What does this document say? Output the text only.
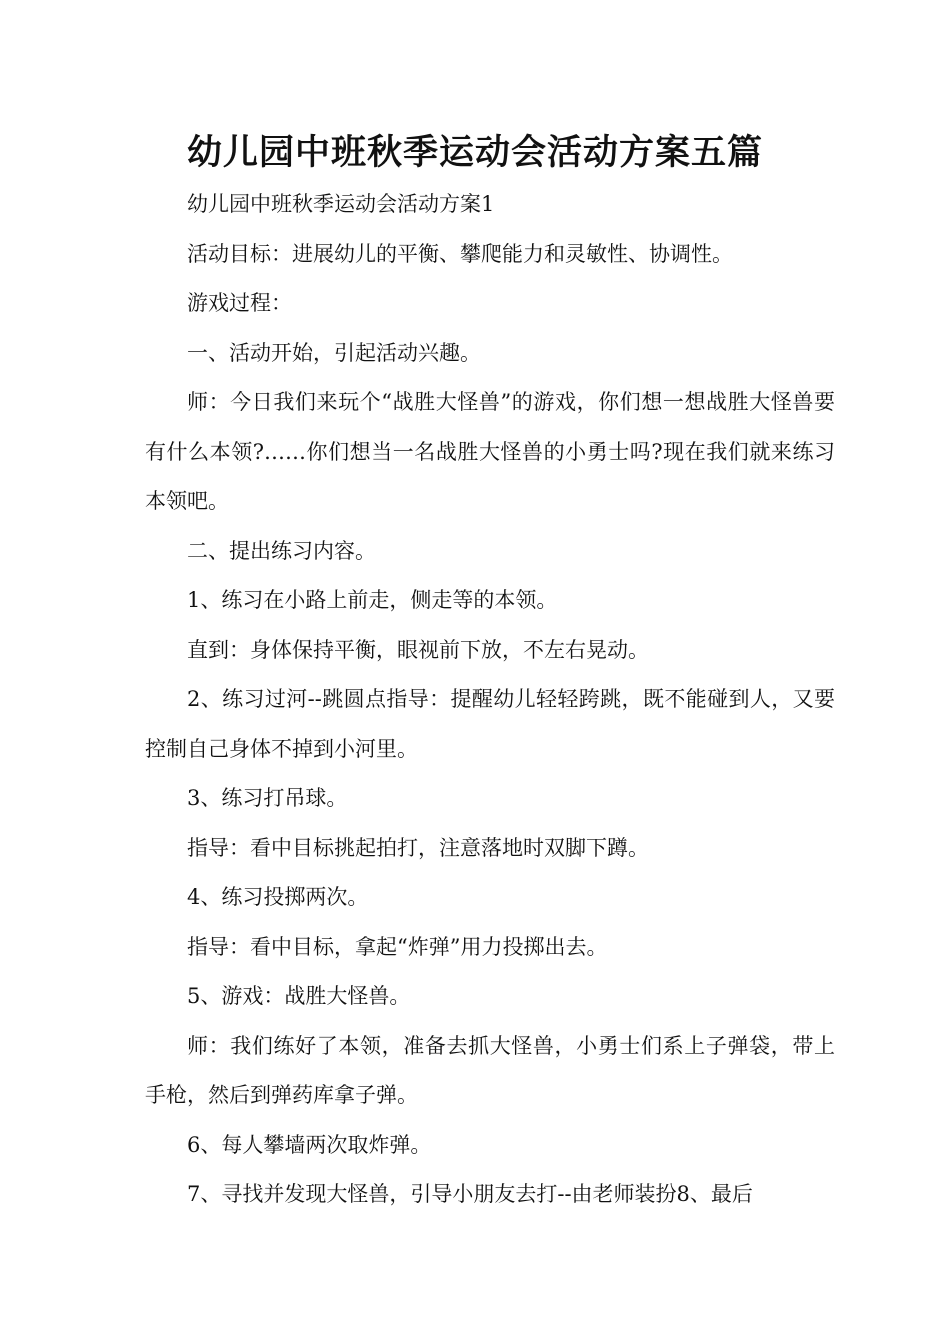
幼儿园中班秋季运动会活动方案五篇

幼儿园中班秋季运动会活动方案1

活动目标：进展幼儿的平衡、攀爬能力和灵敏性、协调性。

游戏过程：

一、活动开始，引起活动兴趣。

师：今日我们来玩个“战胜大怪兽”的游戏，你们想一想战胜大怪兽要有什么本领?……你们想当一名战胜大怪兽的小勇士吗?现在我们就来练习本领吧。

二、提出练习内容。

1、练习在小路上前走，侧走等的本领。

直到：身体保持平衡，眼视前下放，不左右晃动。

2、练习过河--跳圆点指导：提醒幼儿轻轻跨跳，既不能碰到人，又要控制自己身体不掉到小河里。

3、练习打吊球。

指导：看中目标挑起拍打，注意落地时双脚下蹲。

4、练习投掷两次。

指导：看中目标，拿起“炸弹”用力投掷出去。

5、游戏：战胜大怪兽。

师：我们练好了本领，准备去抓大怪兽，小勇士们系上子弹袋，带上手枪，然后到弹药库拿子弹。

6、每人攀墙两次取炸弹。

7、寻找并发现大怪兽，引导小朋友去打--由老师装扮8、最后
